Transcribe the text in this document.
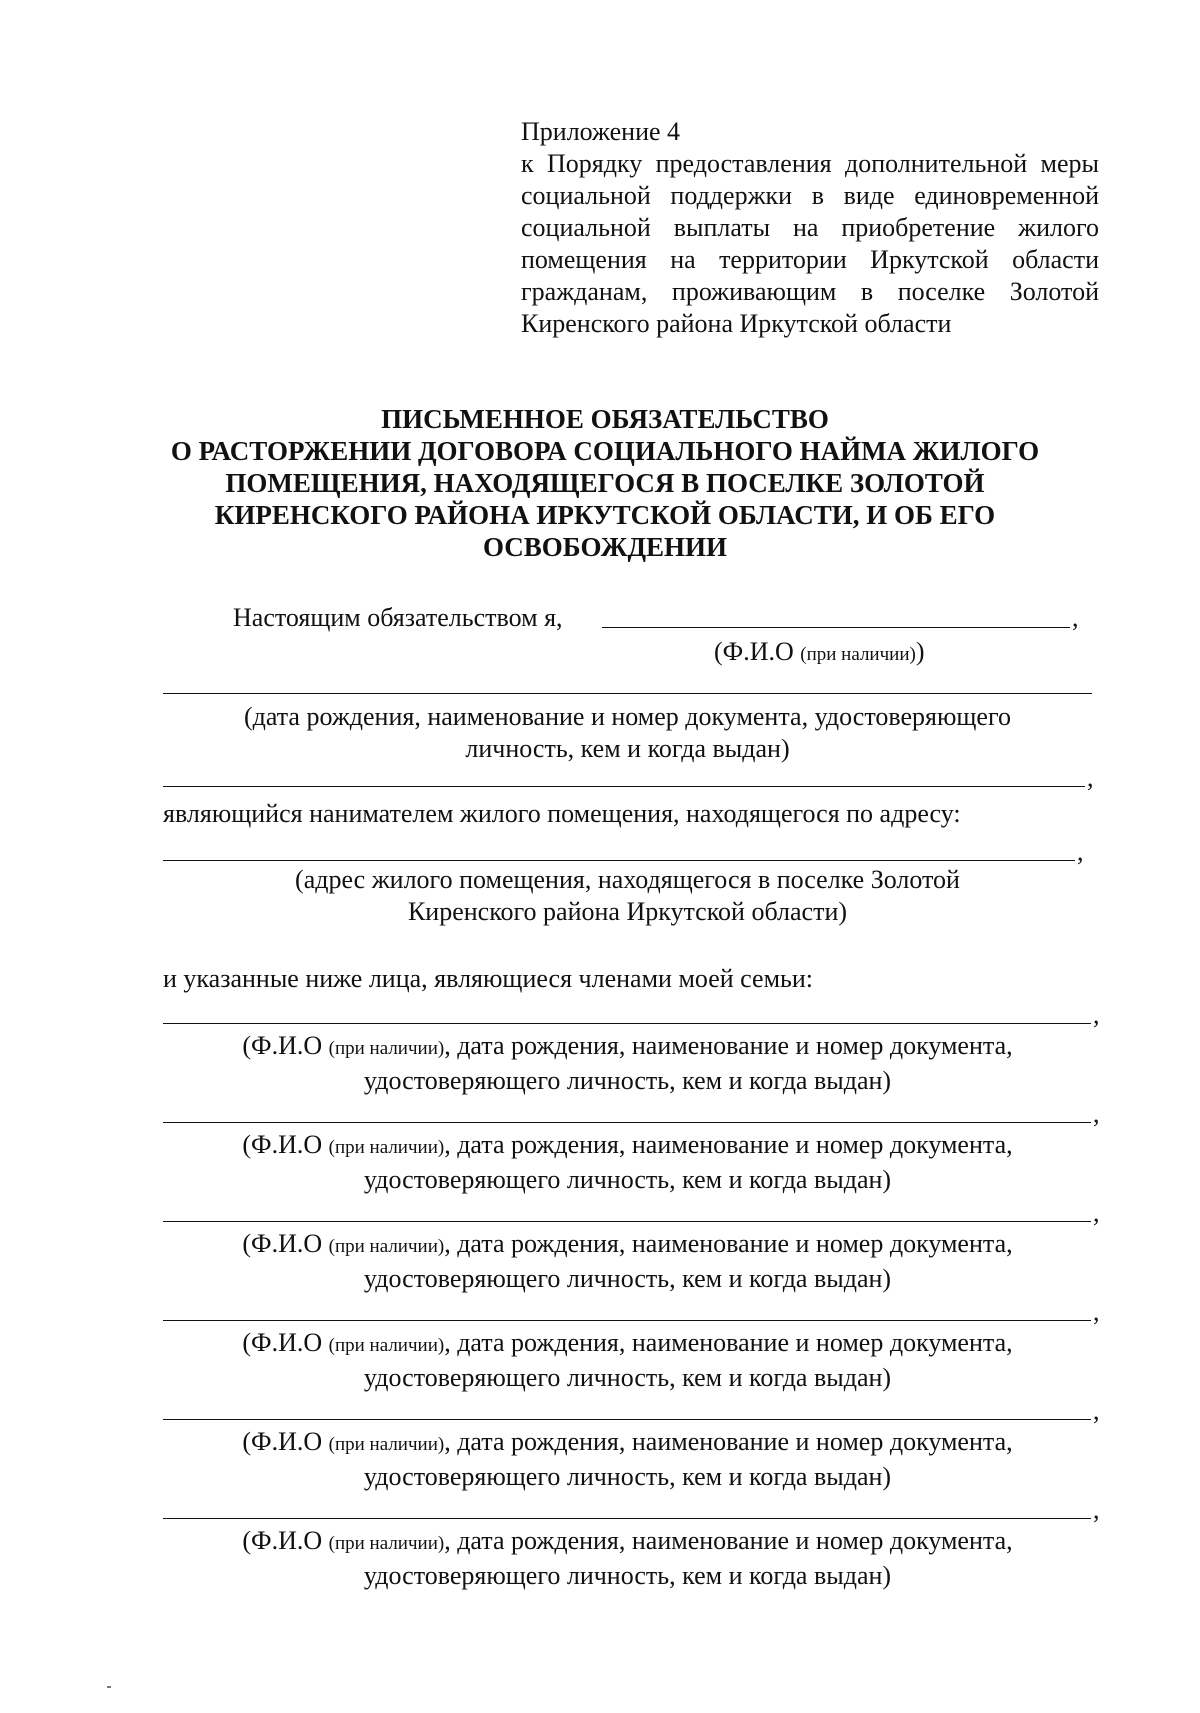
Приложение 4
к Порядку предоставления дополнительной меры социальной поддержки в виде единовременной социальной выплаты на приобретение жилого помещения на территории Иркутской области гражданам, проживающим в поселке Золотой Киренского района Иркутской области
ПИСЬМЕННОЕ ОБЯЗАТЕЛЬСТВО
О РАСТОРЖЕНИИ ДОГОВОРА СОЦИАЛЬНОГО НАЙМА ЖИЛОГО
ПОМЕЩЕНИЯ, НАХОДЯЩЕГОСЯ В ПОСЕЛКЕ ЗОЛОТОЙ
КИРЕНСКОГО РАЙОНА ИРКУТСКОЙ ОБЛАСТИ, И ОБ ЕГО
ОСВОБОЖДЕНИИ
Настоящим обязательством я,	,
(Ф.И.О (при наличии))
(дата рождения, наименование и номер документа, удостоверяющего
личность, кем и когда выдан)
,
являющийся нанимателем жилого помещения, находящегося по адресу:
,
(адрес жилого помещения, находящегося в поселке Золотой
Киренского района Иркутской области)
и указанные ниже лица, являющиеся членами моей семьи:
,
(Ф.И.О (при наличии), дата рождения, наименование и номер документа,
удостоверяющего личность, кем и когда выдан)
,
(Ф.И.О (при наличии), дата рождения, наименование и номер документа,
удостоверяющего личность, кем и когда выдан)
,
(Ф.И.О (при наличии), дата рождения, наименование и номер документа,
удостоверяющего личность, кем и когда выдан)
,
(Ф.И.О (при наличии), дата рождения, наименование и номер документа,
удостоверяющего личность, кем и когда выдан)
,
(Ф.И.О (при наличии), дата рождения, наименование и номер документа,
удостоверяющего личность, кем и когда выдан)
,
(Ф.И.О (при наличии), дата рождения, наименование и номер документа,
удостоверяющего личность, кем и когда выдан)
